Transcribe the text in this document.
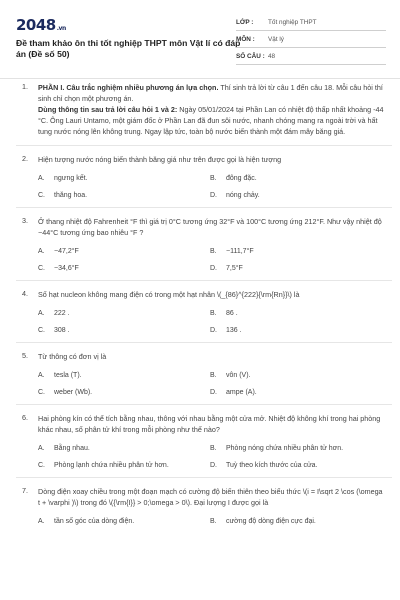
2048.vn
Đề tham khảo ôn thi tốt nghiệp THPT môn Vật lí có đáp án (Đề số 50)
LỚP :	Tốt nghiệp THPT
MÔN :	Vật lý
SỐ CÂU : 48
1. PHẦN I. Câu trắc nghiệm nhiều phương án lựa chọn. Thí sinh trả lời từ câu 1 đến câu 18. Mỗi câu hỏi thí sinh chỉ chọn một phương án.
Dùng thông tin sau trả lời câu hỏi 1 và 2: Ngày 05/01/2024 tại Phần Lan có nhiệt độ thấp nhất khoảng -44 °C. Ông Lauri Untamo, một giám đốc ở Phần Lan đã đun sôi nước, nhanh chóng mang ra ngoài trời và hất tung nước nóng lên không trung. Ngay lập tức, toàn bộ nước biến thành một đám mây băng giá.
2. Hiện tượng nước nóng biến thành băng giá như trên được gọi là hiện tượng
A.	ngưng kết.	B.	đông đặc.
C.	thăng hoa.	D.	nóng chảy.
3. Ở thang nhiệt độ Fahrenheit °F thì giá trị 0°C tương ứng 32°F và 100°C tương ứng 212°F. Như vậy nhiệt độ −44°C tương ứng bao nhiêu °F ?
A.	−47,2°F	B.	−111,7°F
C.	−34,6°F	D.	7,5°F
4. Số hạt nucleon không mang điện có trong một hạt nhân \(_{86}^{222}{\rm{Rn}}\) là
A.	222 .	B.	86 .
C.	308 .	D.	136 .
5. Từ thông có đơn vị là
A.	tesla (T).	B.	vôn (V).
C.	weber (Wb).	D.	ampe (A).
6. Hai phòng kín có thể tích bằng nhau, thông với nhau bằng một cửa mở. Nhiệt độ không khí trong hai phòng khác nhau, số phân tử khí trong mỗi phòng như thế nào?
A.	Bằng nhau.	B.	Phòng nóng chứa nhiều phân tử hơn.
C.	Phòng lạnh chứa nhiều phân tử hơn.	D.	Tuỳ theo kích thước của cửa.
7. Dòng điện xoay chiều trong một đoạn mạch có cường độ biến thiên theo biểu thức \(i = I\sqrt 2 \cos (\omega t + \varphi )\) trong đó \({\rm{I}} > 0;\omega > 0\). Đại lượng I được gọi là
A.	tần số góc của dòng điện.	B.	cường độ dòng điện cực đại.
